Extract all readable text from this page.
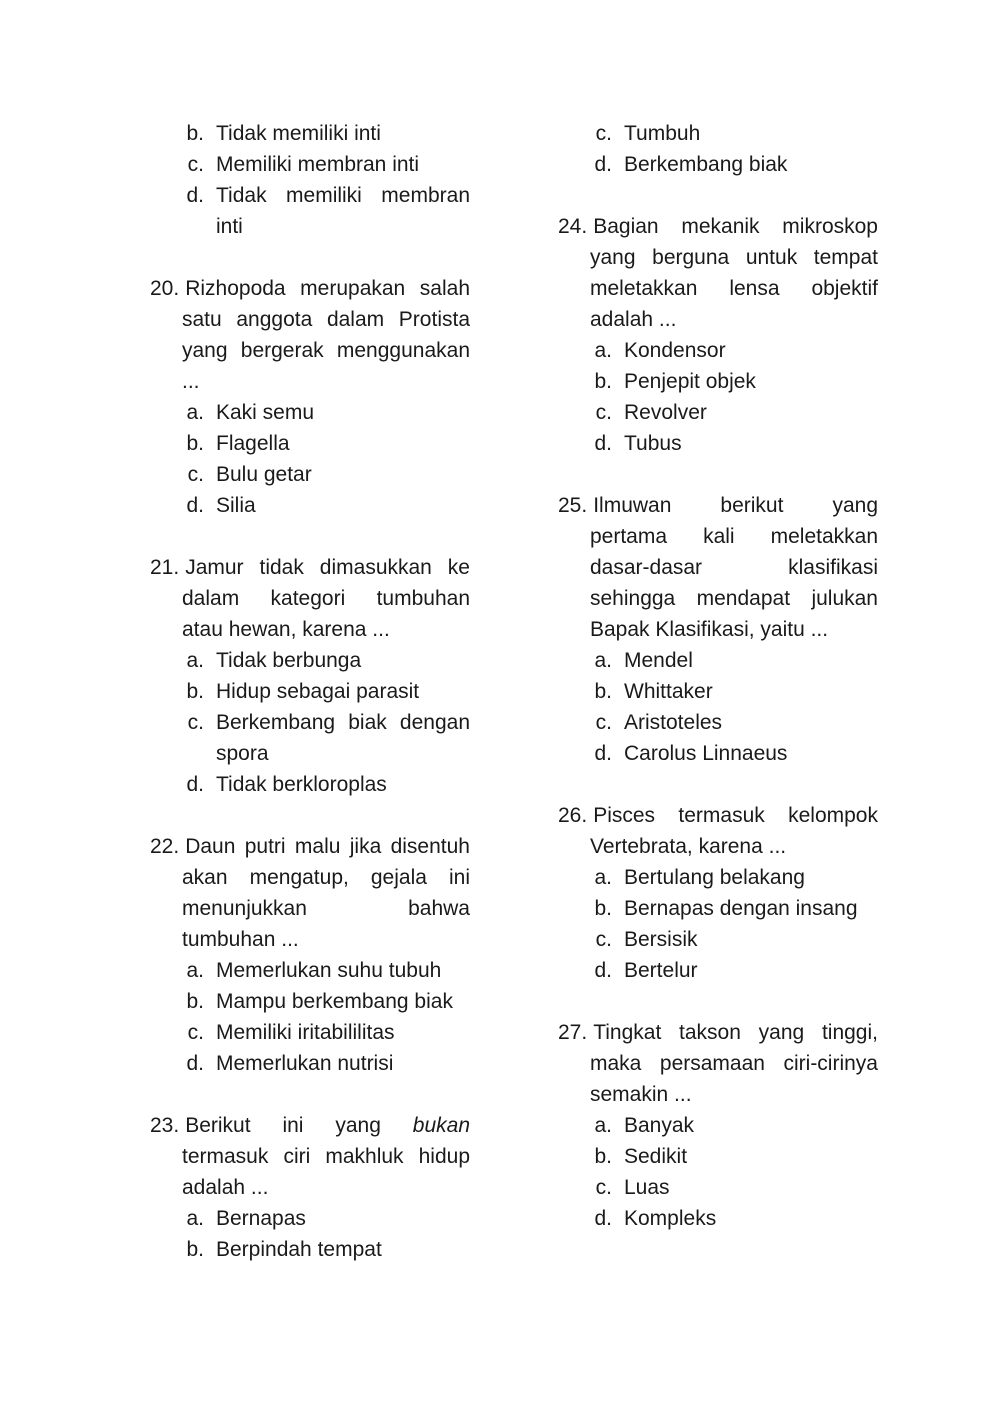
b. Tidak memiliki inti
c. Memiliki membran inti
d. Tidak memiliki membran
inti
20. Rizhopoda merupakan salah
satu anggota dalam Protista
yang bergerak menggunakan
...
a. Kaki semu
b. Flagella
c. Bulu getar
d. Silia
21. Jamur tidak dimasukkan ke
dalam kategori tumbuhan
atau hewan, karena ...
a. Tidak berbunga
b. Hidup sebagai parasit
c. Berkembang biak dengan
spora
d. Tidak berkloroplas
22. Daun putri malu jika disentuh
akan mengatup, gejala ini
menunjukkan bahwa
tumbuhan ...
a. Memerlukan suhu tubuh
b. Mampu berkembang biak
c. Memiliki iritabililitas
d. Memerlukan nutrisi
23. Berikut ini yang bukan
termasuk ciri makhluk hidup
adalah ...
a. Bernapas
b. Berpindah tempat
c. Tumbuh
d. Berkembang biak
24. Bagian mekanik mikroskop
yang berguna untuk tempat
meletakkan lensa objektif
adalah ...
a. Kondensor
b. Penjepit objek
c. Revolver
d. Tubus
25. Ilmuwan berikut yang
pertama kali meletakkan
dasar-dasar klasifikasi
sehingga mendapat julukan
Bapak Klasifikasi, yaitu ...
a. Mendel
b. Whittaker
c. Aristoteles
d. Carolus Linnaeus
26. Pisces termasuk kelompok
Vertebrata, karena ...
a. Bertulang belakang
b. Bernapas dengan insang
c. Bersisik
d. Bertelur
27. Tingkat takson yang tinggi,
maka persamaan ciri-cirinya
semakin ...
a. Banyak
b. Sedikit
c. Luas
d. Kompleks
